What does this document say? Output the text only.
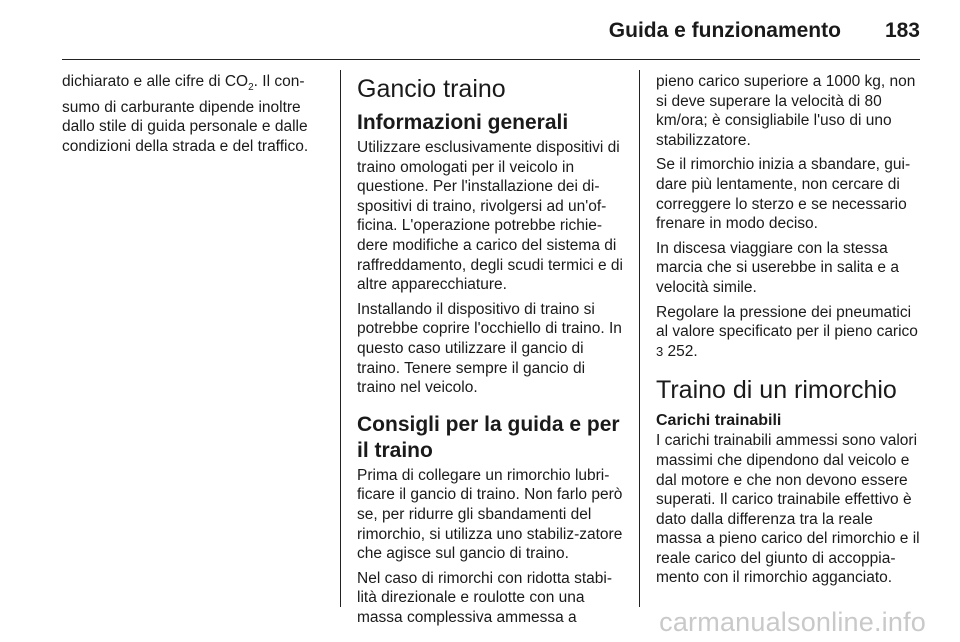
Guida e funzionamento 183

dichiarato e alle cifre di $CO_2$. Il con- sumo di carburante dipende inoltre dallo stile di guida personale e dalle condizioni della strada e del traffico.

Gancio traino
Informazioni generali

Utilizzare esclusivamente dispositivi di traino omologati per il veicolo in questione. Per l'installazione dei di-spositivi di traino, rivolgersi ad un'of-ficina. L'operazione potrebbe richie-dere modifiche a carico del sistema di raffreddamento, degli scudi termici e di altre apparecchiature.

Installando il dispositivo di traino si potrebbe coprire l'occhiello di traino. In questo caso utilizzare il gancio di traino. Tenere sempre il gancio di traino nel veicolo.

Consigli per la guida e per il traino

Prima di collegare un rimorchio lubri-ficare il gancio di traino. Non farlo però se, per ridurre gli sbandamenti del rimorchio, si utilizza uno stabiliz-zatore che agisce sul gancio di traino.

Nel caso di rimorchi con ridotta stabi-lità direzionale e roulotte con una massa complessiva ammessa a

pieno carico superiore a 1000 kg, non si deve superare la velocità di 80 km/ora; è consigliabile l'uso di uno stabilizzatore.

Se il rimorchio inizia a sbandare, gui-dare più lentamente, non cercare di correggere lo sterzo e se necessario frenare in modo deciso.

In discesa viaggiare con la stessa marcia che si userebbe in salita e a velocità simile.

Regolare la pressione dei pneumatici al valore specificato per il pieno carico 3 252.

Traino di un rimorchio
Carichi trainabili

I carichi trainabili ammessi sono valori massimi che dipendono dal veicolo e dal motore e che non devono essere superati. Il carico trainabile effettivo è dato dalla differenza tra la reale massa a pieno carico del rimorchio e il reale carico del giunto di accoppia-mento con il rimorchio agganciato.

carmanualsonline.info
